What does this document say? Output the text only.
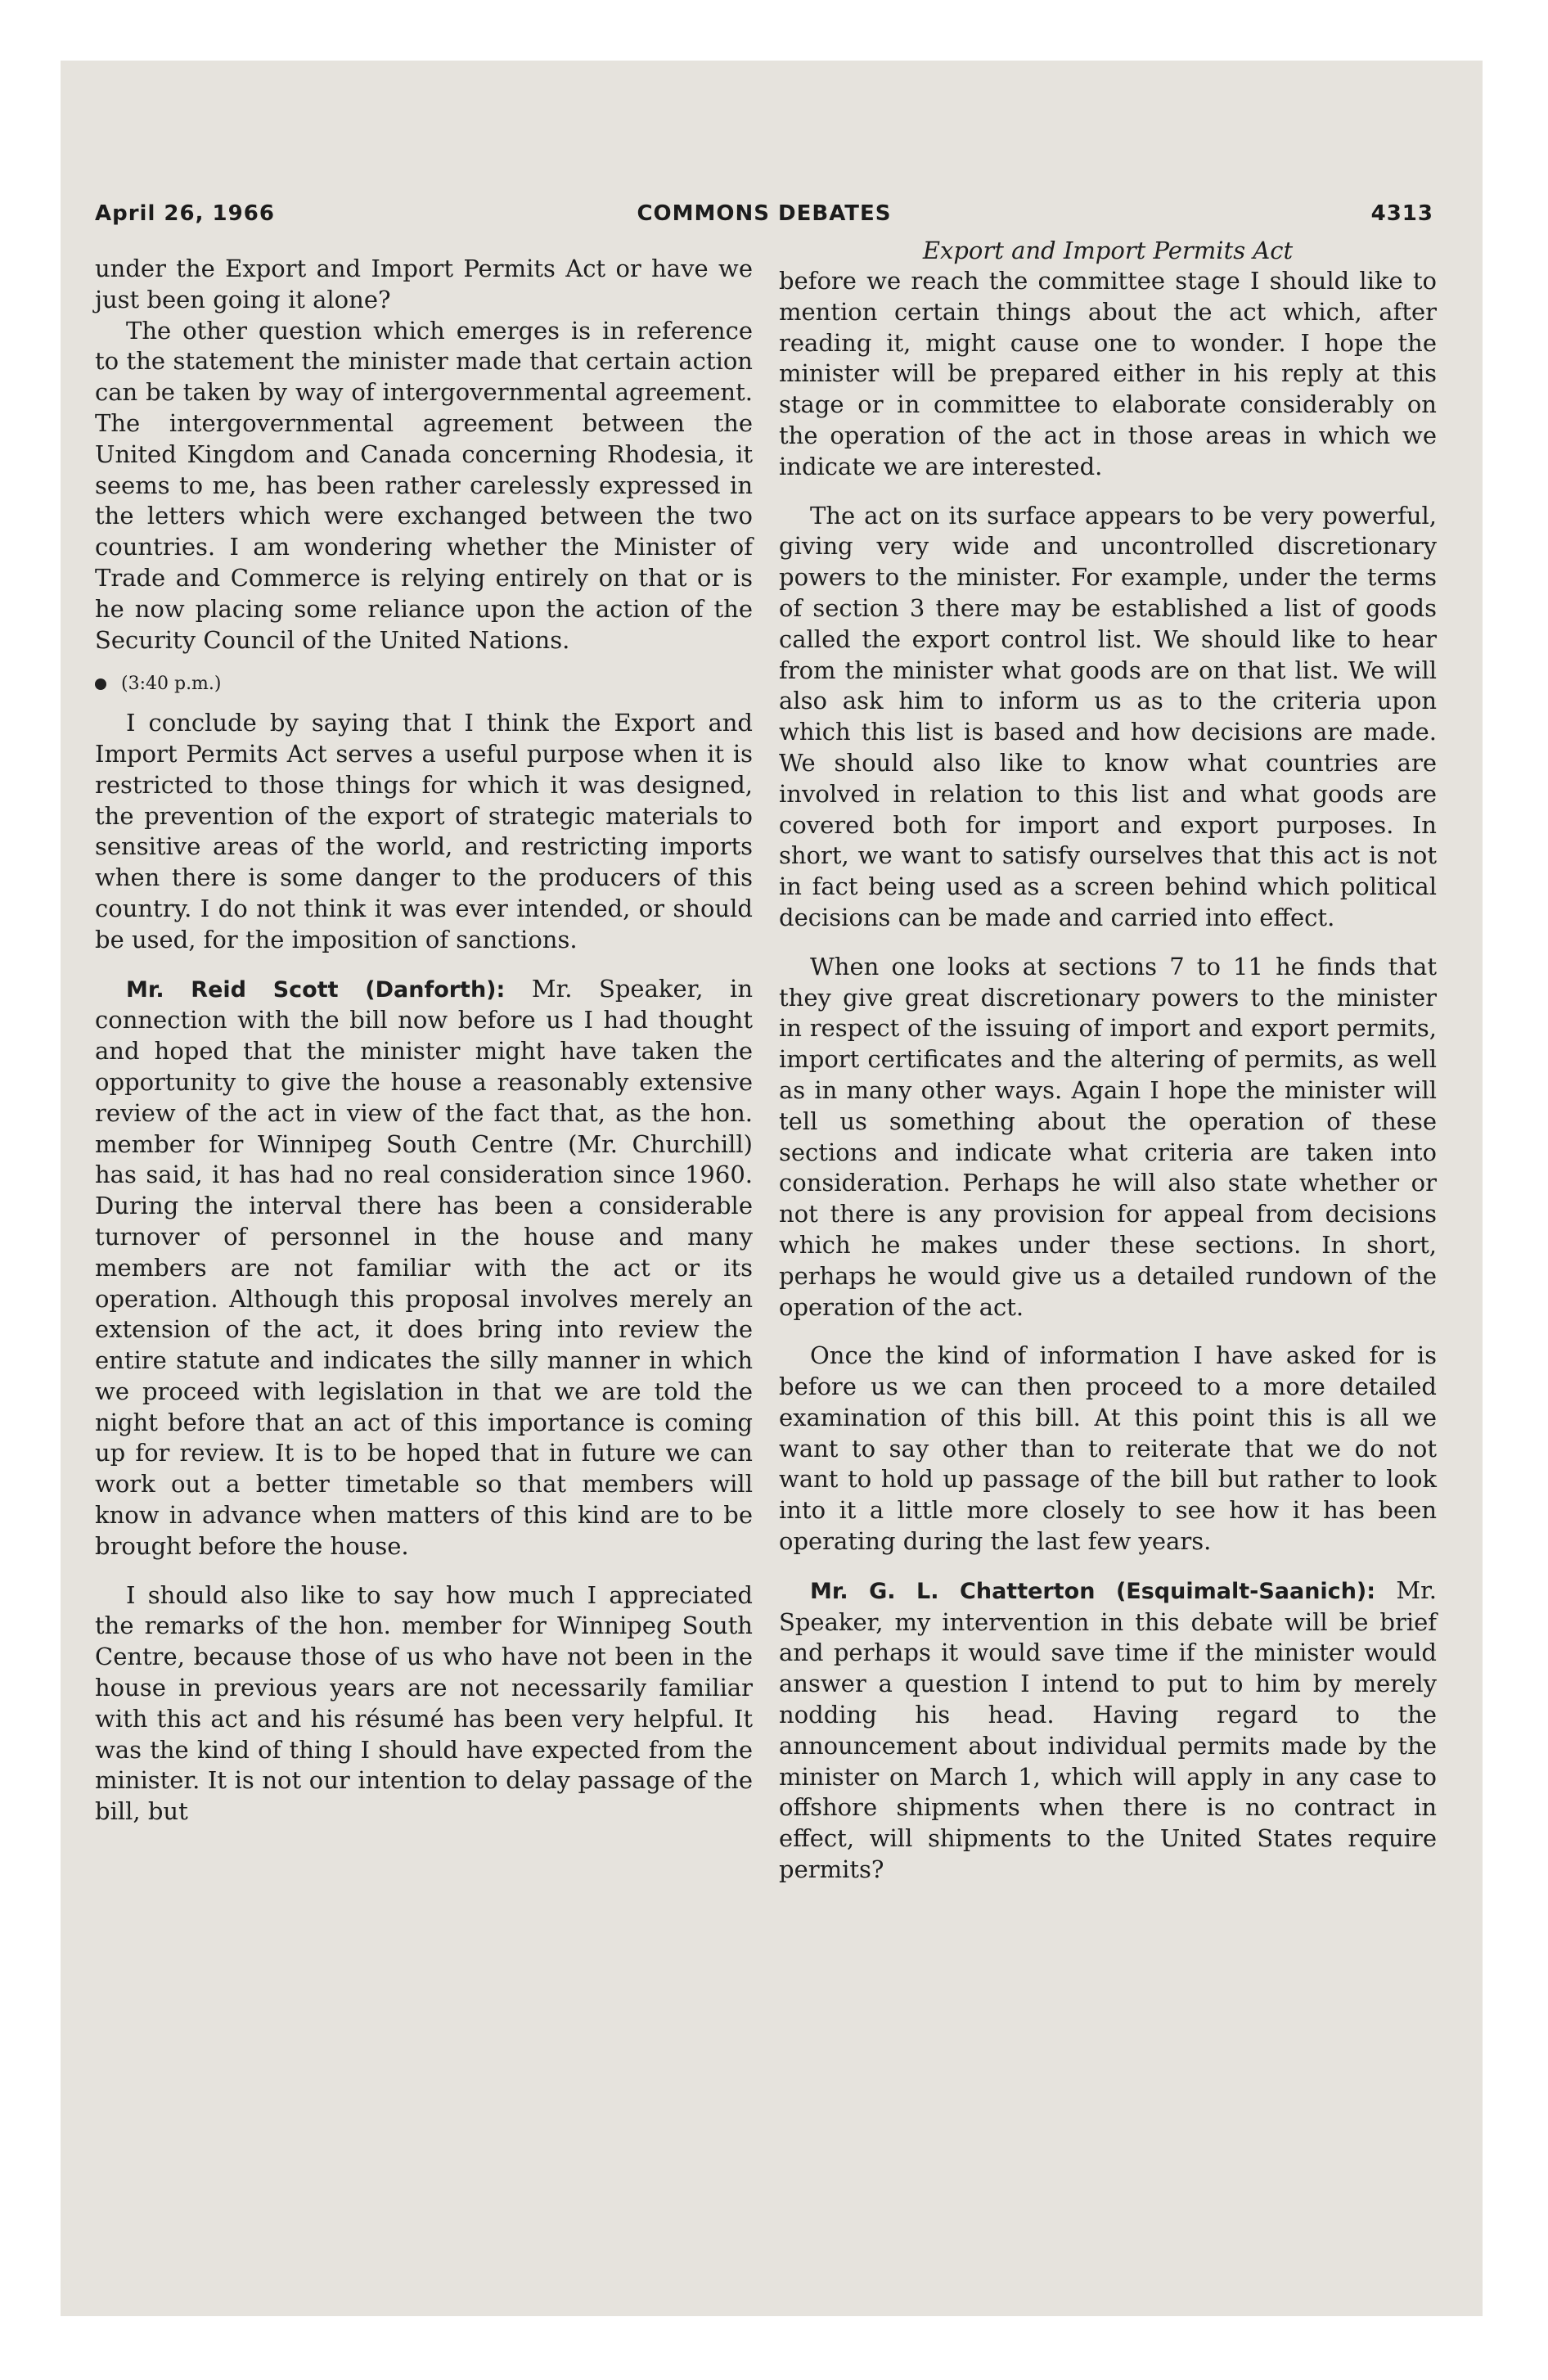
April 26, 1966	COMMONS DEBATES	4313

under the Export and Import Permits Act or have we just been going it alone?

The other question which emerges is in reference to the statement the minister made that certain action can be taken by way of intergovernmental agreement. The intergovernmental agreement between the United Kingdom and Canada concerning Rhodesia, it seems to me, has been rather carelessly expressed in the letters which were exchanged between the two countries. I am wondering whether the Minister of Trade and Commerce is relying entirely on that or is he now placing some reliance upon the action of the Security Council of the United Nations.

(3:40 p.m.)

I conclude by saying that I think the Export and Import Permits Act serves a useful purpose when it is restricted to those things for which it was designed, the prevention of the export of strategic materials to sensitive areas of the world, and restricting imports when there is some danger to the producers of this country. I do not think it was ever intended, or should be used, for the imposition of sanctions.

Mr. Reid Scott (Danforth): Mr. Speaker, in connection with the bill now before us I had thought and hoped that the minister might have taken the opportunity to give the house a reasonably extensive review of the act in view of the fact that, as the hon. member for Winnipeg South Centre (Mr. Churchill) has said, it has had no real consideration since 1960. During the interval there has been a considerable turnover of personnel in the house and many members are not familiar with the act or its operation. Although this proposal involves merely an extension of the act, it does bring into review the entire statute and indicates the silly manner in which we proceed with legislation in that we are told the night before that an act of this importance is coming up for review. It is to be hoped that in future we can work out a better timetable so that members will know in advance when matters of this kind are to be brought before the house.

I should also like to say how much I appreciated the remarks of the hon. member for Winnipeg South Centre, because those of us who have not been in the house in previous years are not necessarily familiar with this act and his résumé has been very helpful. It was the kind of thing I should have expected from the minister. It is not our intention to delay passage of the bill, but

Export and Import Permits Act

before we reach the committee stage I should like to mention certain things about the act which, after reading it, might cause one to wonder. I hope the minister will be prepared either in his reply at this stage or in committee to elaborate considerably on the operation of the act in those areas in which we indicate we are interested.

The act on its surface appears to be very powerful, giving very wide and uncontrolled discretionary powers to the minister. For example, under the terms of section 3 there may be established a list of goods called the export control list. We should like to hear from the minister what goods are on that list. We will also ask him to inform us as to the criteria upon which this list is based and how decisions are made. We should also like to know what countries are involved in relation to this list and what goods are covered both for import and export purposes. In short, we want to satisfy ourselves that this act is not in fact being used as a screen behind which political decisions can be made and carried into effect.

When one looks at sections 7 to 11 he finds that they give great discretionary powers to the minister in respect of the issuing of import and export permits, import certificates and the altering of permits, as well as in many other ways. Again I hope the minister will tell us something about the operation of these sections and indicate what criteria are taken into consideration. Perhaps he will also state whether or not there is any provision for appeal from decisions which he makes under these sections. In short, perhaps he would give us a detailed rundown of the operation of the act.

Once the kind of information I have asked for is before us we can then proceed to a more detailed examination of this bill. At this point this is all we want to say other than to reiterate that we do not want to hold up passage of the bill but rather to look into it a little more closely to see how it has been operating during the last few years.

Mr. G. L. Chatterton (Esquimalt-Saanich): Mr. Speaker, my intervention in this debate will be brief and perhaps it would save time if the minister would answer a question I intend to put to him by merely nodding his head. Having regard to the announcement about individual permits made by the minister on March 1, which will apply in any case to offshore shipments when there is no contract in effect, will shipments to the United States require permits?
